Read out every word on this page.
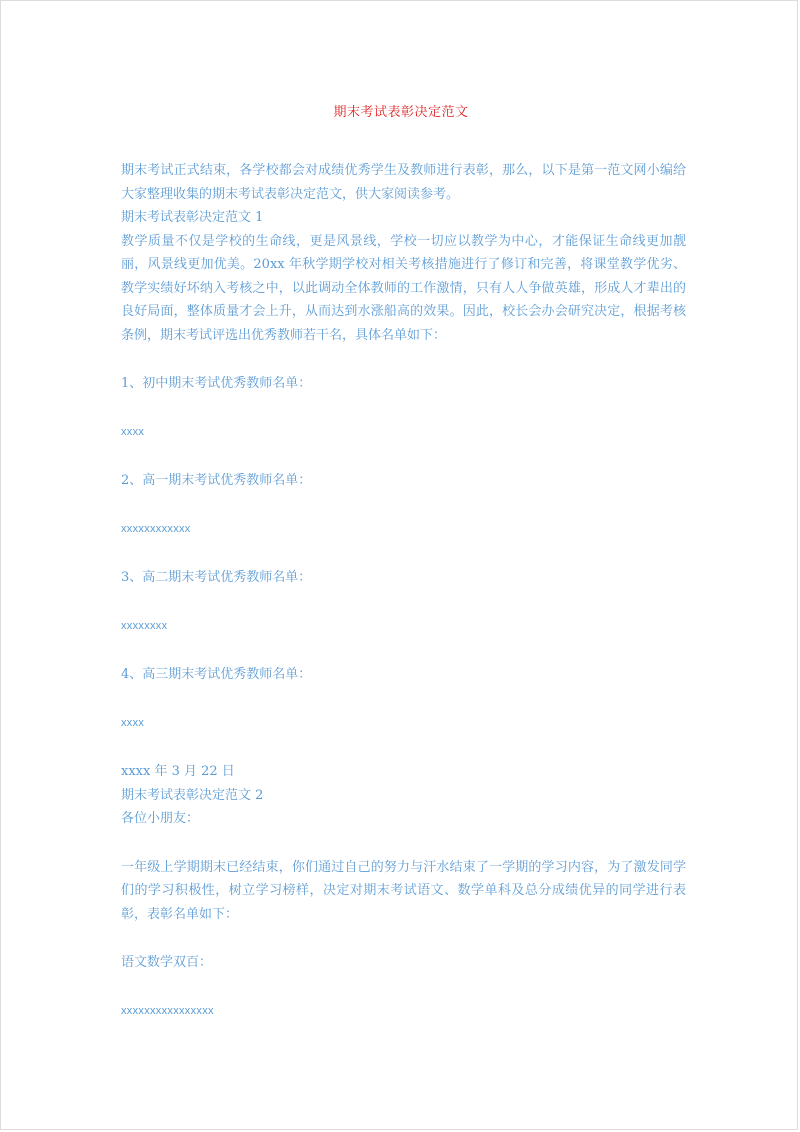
期末考试表彰决定范文

期末考试正式结束，各学校都会对成绩优秀学生及教师进行表彰，那么，以下是第一范文网小编给大家整理收集的期末考试表彰决定范文，供大家阅读参考。

期末考试表彰决定范文 1

教学质量不仅是学校的生命线，更是风景线，学校一切应以教学为中心，才能保证生命线更加靓丽，风景线更加优美。20xx 年秋学期学校对相关考核措施进行了修订和完善，将课堂教学优劣、教学实绩好坏纳入考核之中，以此调动全体教师的工作激情，只有人人争做英雄，形成人才辈出的良好局面，整体质量才会上升，从而达到水涨船高的效果。因此，校长会办会研究决定，根据考核条例，期末考试评选出优秀教师若干名，具体名单如下：

1、初中期末考试优秀教师名单：

xxxx

2、高一期末考试优秀教师名单：

xxxxxxxxxxxx

3、高二期末考试优秀教师名单：

xxxxxxxx

4、高三期末考试优秀教师名单：

xxxx

xxxx 年 3 月 22 日

期末考试表彰决定范文 2

各位小朋友：

一年级上学期期末已经结束，你们通过自己的努力与汗水结束了一学期的学习内容，为了激发同学们的学习积极性，树立学习榜样，决定对期末考试语文、数学单科及总分成绩优异的同学进行表彰，表彰名单如下：

语文数学双百：

xxxxxxxxxxxxxxxx
